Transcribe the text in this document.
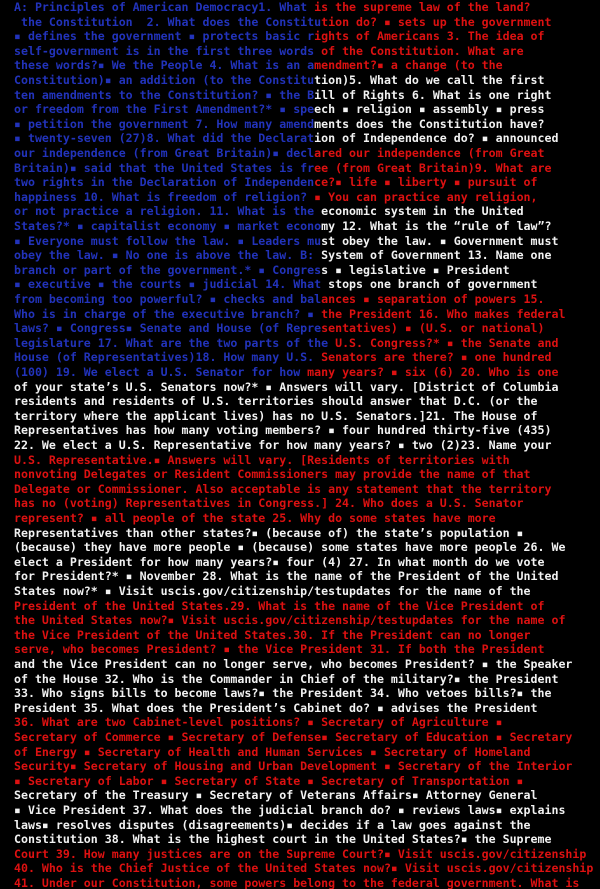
A: Principles of American Democracy1. What is the supreme law of the land?
the Constitution  2. What does the Constitution do? ▪ sets up the government
▪ defines the government ▪ protects basic rights of Americans 3. The idea of
self-government is in the first three words of the Constitution. What are
these words?▪ We the People 4. What is an amendment?▪ a change (to the
Constitution)▪ an addition (to the Constitution)5. What do we call the first
ten amendments to the Constitution? ▪ the Bill of Rights 6. What is one right
or freedom from the First Amendment?* ▪ speech ▪ religion ▪ assembly ▪ press
▪ petition the government 7. How many amendments does the Constitution have?
▪ twenty-seven (27)8. What did the Declaration of Independence do? ▪ announced
our independence (from Great Britain)▪ declared our independence (from Great
Britain)▪ said that the United States is free (from Great Britain)9. What are
two rights in the Declaration of Independence?▪ life ▪ liberty ▪ pursuit of
happiness 10. What is freedom of religion? ▪ You can practice any religion,
or not practice a religion. 11. What is the economic system in the United
States?* ▪ capitalist economy ▪ market economy 12. What is the “rule of law”?
▪ Everyone must follow the law. ▪ Leaders must obey the law. ▪ Government must
obey the law. ▪ No one is above the law. B: System of Government 13. Name one
branch or part of the government.* ▪ Congress ▪ legislative ▪ President
▪ executive ▪ the courts ▪ judicial 14. What stops one branch of government
from becoming too powerful? ▪ checks and balances ▪ separation of powers 15.
Who is in charge of the executive branch? ▪ the President 16. Who makes federal
laws? ▪ Congress▪ Senate and House (of Representatives) ▪ (U.S. or national)
legislature 17. What are the two parts of the U.S. Congress?* ▪ the Senate and
House (of Representatives)18. How many U.S. Senators are there? ▪ one hundred
(100) 19. We elect a U.S. Senator for how many years? ▪ six (6) 20. Who is one
of your state’s U.S. Senators now?* ▪ Answers will vary. [District of Columbia
residents and residents of U.S. territories should answer that D.C. (or the
territory where the applicant lives) has no U.S. Senators.]21. The House of
Representatives has how many voting members? ▪ four hundred thirty-five (435)
22. We elect a U.S. Representative for how many years? ▪ two (2)23. Name your
U.S. Representative.▪ Answers will vary. [Residents of territories with
nonvoting Delegates or Resident Commissioners may provide the name of that
Delegate or Commissioner. Also acceptable is any statement that the territory
has no (voting) Representatives in Congress.] 24. Who does a U.S. Senator
represent? ▪ all people of the state 25. Why do some states have more
Representatives than other states?▪ (because of) the state’s population ▪
(because) they have more people ▪ (because) some states have more people 26. We
elect a President for how many years?▪ four (4) 27. In what month do we vote
for President?* ▪ November 28. What is the name of the President of the United
States now?* ▪ Visit uscis.gov/citizenship/testupdates for the name of the
President of the United States.29. What is the name of the Vice President of
the United States now?▪ Visit uscis.gov/citizenship/testupdates for the name of
the Vice President of the United States.30. If the President can no longer
serve, who becomes President? ▪ the Vice President 31. If both the President
and the Vice President can no longer serve, who becomes President? ▪ the Speaker
of the House 32. Who is the Commander in Chief of the military?▪ the President
33. Who signs bills to become laws?▪ the President 34. Who vetoes bills?▪ the
President 35. What does the President’s Cabinet do? ▪ advises the President
36. What are two Cabinet-level positions? ▪ Secretary of Agriculture ▪
Secretary of Commerce ▪ Secretary of Defense▪ Secretary of Education ▪ Secretary
of Energy ▪ Secretary of Health and Human Services ▪ Secretary of Homeland
Security▪ Secretary of Housing and Urban Development ▪ Secretary of the Interior
▪ Secretary of Labor ▪ Secretary of State ▪ Secretary of Transportation ▪
Secretary of the Treasury ▪ Secretary of Veterans Affairs▪ Attorney General
▪ Vice President 37. What does the judicial branch do? ▪ reviews laws▪ explains
laws▪ resolves disputes (disagreements)▪ decides if a law goes against the
Constitution 38. What is the highest court in the United States?▪ the Supreme
Court 39. How many justices are on the Supreme Court?▪ Visit uscis.gov/citizenship
40. Who is the Chief Justice of the United States now?▪ Visit uscis.gov/citizenship
41. Under our Constitution, some powers belong to the federal government. What is
